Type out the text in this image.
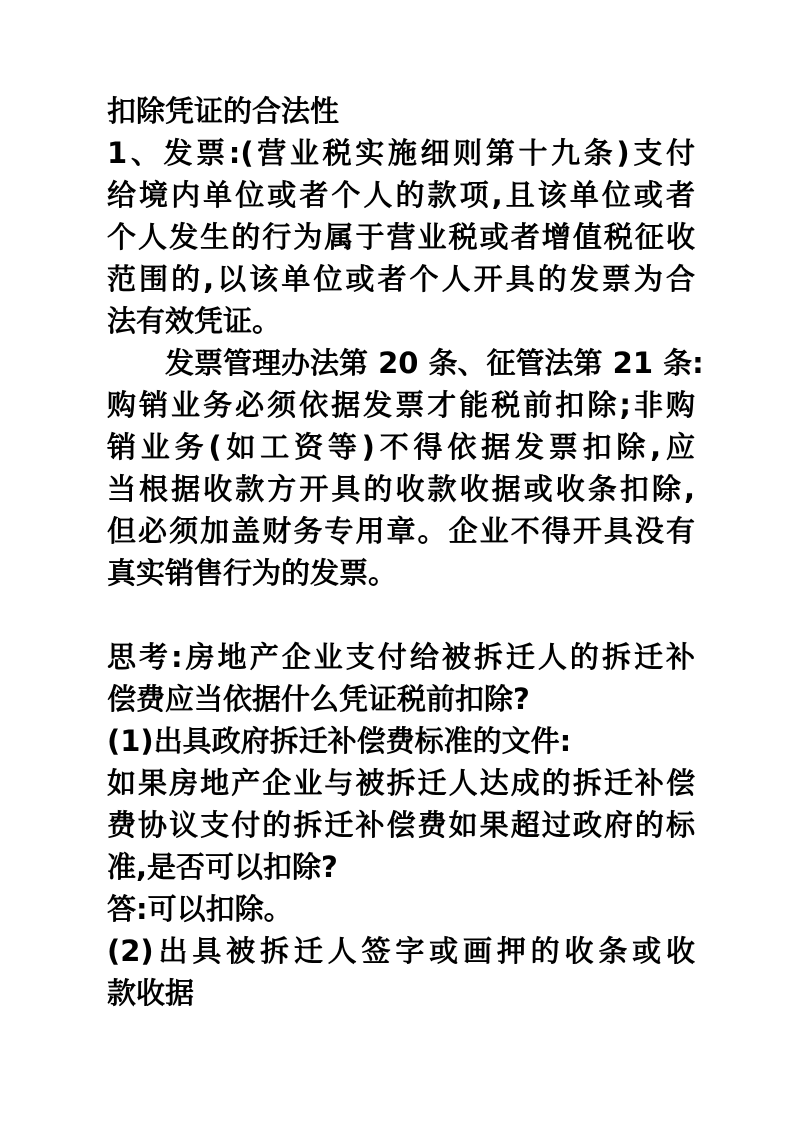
扣除凭证的合法性
1、发票:(营业税实施细则第十九条)支付
给境内单位或者个人的款项,且该单位或者
个人发生的行为属于营业税或者增值税征收
范围的,以该单位或者个人开具的发票为合
法有效凭证。
发票管理办法第 20 条、征管法第 21 条:
购销业务必须依据发票才能税前扣除;非购
销业务(如工资等)不得依据发票扣除,应
当根据收款方开具的收款收据或收条扣除,
但必须加盖财务专用章。企业不得开具没有
真实销售行为的发票。

思考:房地产企业支付给被拆迁人的拆迁补
偿费应当依据什么凭证税前扣除?
(1)出具政府拆迁补偿费标准的文件:
如果房地产企业与被拆迁人达成的拆迁补偿
费协议支付的拆迁补偿费如果超过政府的标
准,是否可以扣除?
答:可以扣除。
(2)出具被拆迁人签字或画押的收条或收
款收据
